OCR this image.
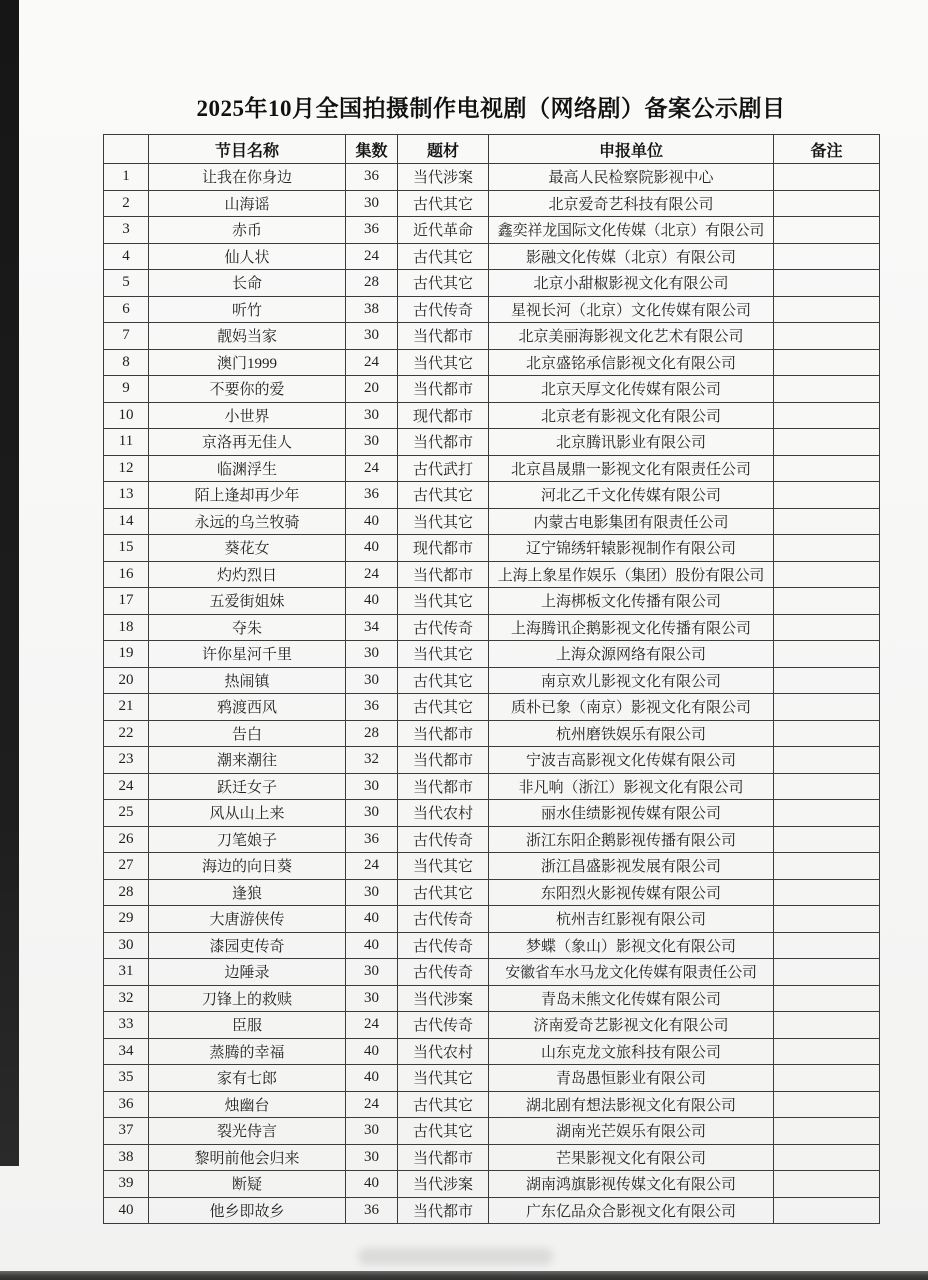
2025年10月全国拍摄制作电视剧（网络剧）备案公示剧目
	节目名称	集数	题材	申报单位	备注
1	让我在你身边	36	当代涉案	最高人民检察院影视中心	
2	山海谣	30	古代其它	北京爱奇艺科技有限公司	
3	赤币	36	近代革命	鑫奕祥龙国际文化传媒（北京）有限公司	
4	仙人状	24	古代其它	影融文化传媒（北京）有限公司	
5	长命	28	古代其它	北京小甜椒影视文化有限公司	
6	听竹	38	古代传奇	星视长河（北京）文化传媒有限公司	
7	靓妈当家	30	当代都市	北京美丽海影视文化艺术有限公司	
8	澳门1999	24	当代其它	北京盛铭承信影视文化有限公司	
9	不要你的爱	20	当代都市	北京天厚文化传媒有限公司	
10	小世界	30	现代都市	北京老有影视文化有限公司	
11	京洛再无佳人	30	当代都市	北京腾讯影业有限公司	
12	临渊浮生	24	古代武打	北京昌晟鼎一影视文化有限责任公司	
13	陌上逢却再少年	36	古代其它	河北乙千文化传媒有限公司	
14	永远的乌兰牧骑	40	当代其它	内蒙古电影集团有限责任公司	
15	葵花女	40	现代都市	辽宁锦绣轩辕影视制作有限公司	
16	灼灼烈日	24	当代都市	上海上象星作娱乐（集团）股份有限公司	
17	五爱街姐妹	40	当代其它	上海梆板文化传播有限公司	
18	夺朱	34	古代传奇	上海腾讯企鹅影视文化传播有限公司	
19	许你星河千里	30	当代其它	上海众源网络有限公司	
20	热闹镇	30	古代其它	南京欢儿影视文化有限公司	
21	鸦渡西风	36	古代其它	质朴已象（南京）影视文化有限公司	
22	告白	28	当代都市	杭州磨铁娱乐有限公司	
23	潮来潮往	32	当代都市	宁波吉高影视文化传媒有限公司	
24	跃迁女子	30	当代都市	非凡响（浙江）影视文化有限公司	
25	风从山上来	30	当代农村	丽水佳绩影视传媒有限公司	
26	刀笔娘子	36	古代传奇	浙江东阳企鹅影视传播有限公司	
27	海边的向日葵	24	当代其它	浙江昌盛影视发展有限公司	
28	逢狼	30	古代其它	东阳烈火影视传媒有限公司	
29	大唐游侠传	40	古代传奇	杭州吉红影视有限公司	
30	漆园吏传奇	40	古代传奇	梦蝶（象山）影视文化有限公司	
31	边陲录	30	古代传奇	安徽省车水马龙文化传媒有限责任公司	
32	刀锋上的救赎	30	当代涉案	青岛未熊文化传媒有限公司	
33	臣服	24	古代传奇	济南爱奇艺影视文化有限公司	
34	蒸腾的幸福	40	当代农村	山东克龙文旅科技有限公司	
35	家有七郎	40	当代其它	青岛愚恒影业有限公司	
36	烛幽台	24	古代其它	湖北剧有想法影视文化有限公司	
37	裂光侍言	30	古代其它	湖南光芒娱乐有限公司	
38	黎明前他会归来	30	当代都市	芒果影视文化有限公司	
39	断疑	40	当代涉案	湖南鸿旗影视传媒文化有限公司	
40	他乡即故乡	36	当代都市	广东亿品众合影视文化有限公司	
